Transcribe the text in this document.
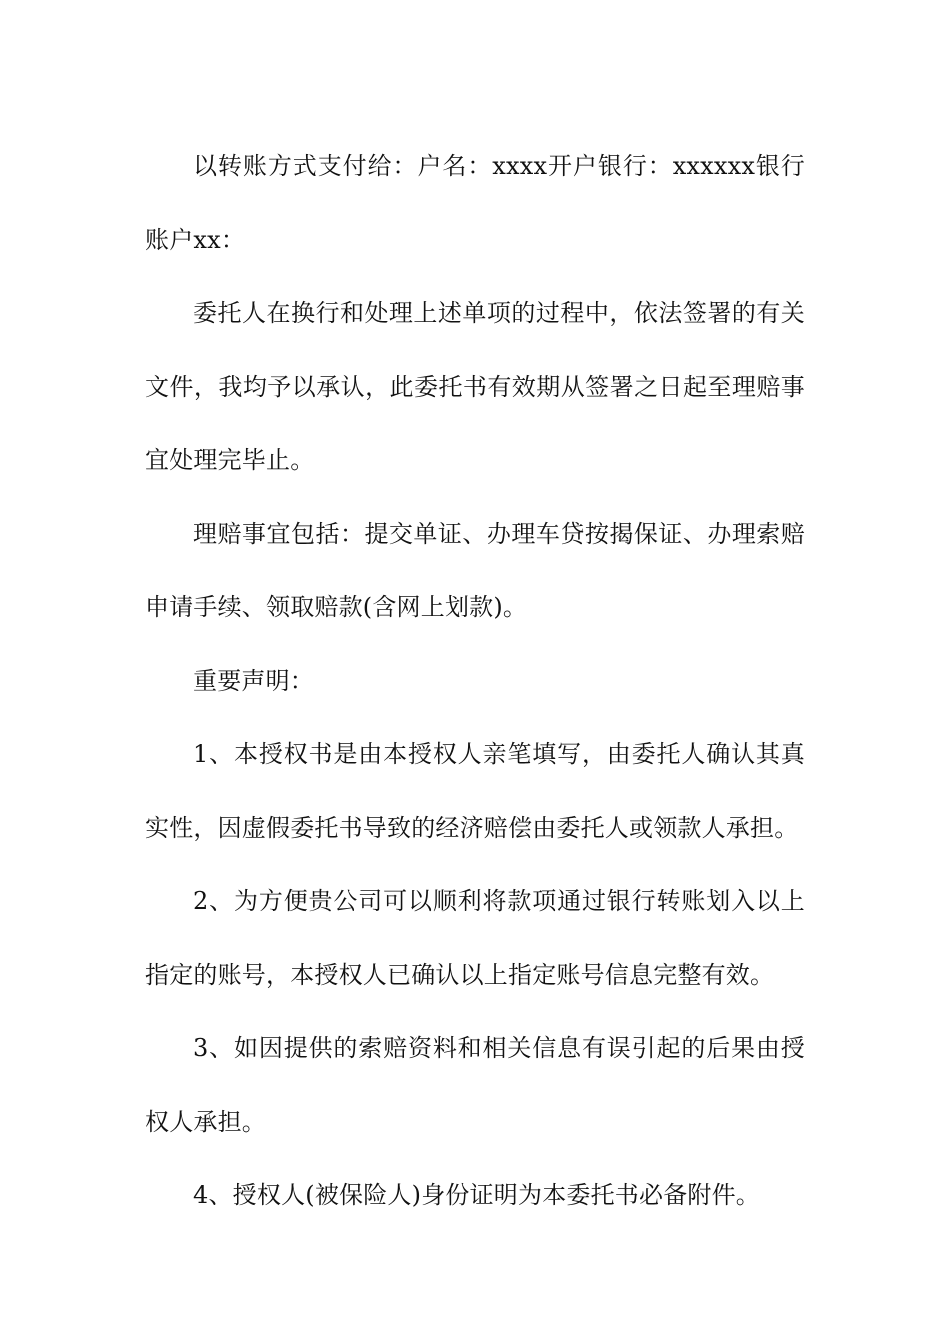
以转账方式支付给：户名：xxxx开户银行：xxxxxx银行账户xx：

委托人在换行和处理上述单项的过程中，依法签署的有关文件，我均予以承认，此委托书有效期从签署之日起至理赔事宜处理完毕止。

理赔事宜包括：提交单证、办理车贷按揭保证、办理索赔申请手续、领取赔款(含网上划款)。

重要声明：

1、本授权书是由本授权人亲笔填写，由委托人确认其真实性，因虚假委托书导致的经济赔偿由委托人或领款人承担。

2、为方便贵公司可以顺利将款项通过银行转账划入以上指定的账号，本授权人已确认以上指定账号信息完整有效。

3、如因提供的索赔资料和相关信息有误引起的后果由授权人承担。

4、授权人(被保险人)身份证明为本委托书必备附件。
